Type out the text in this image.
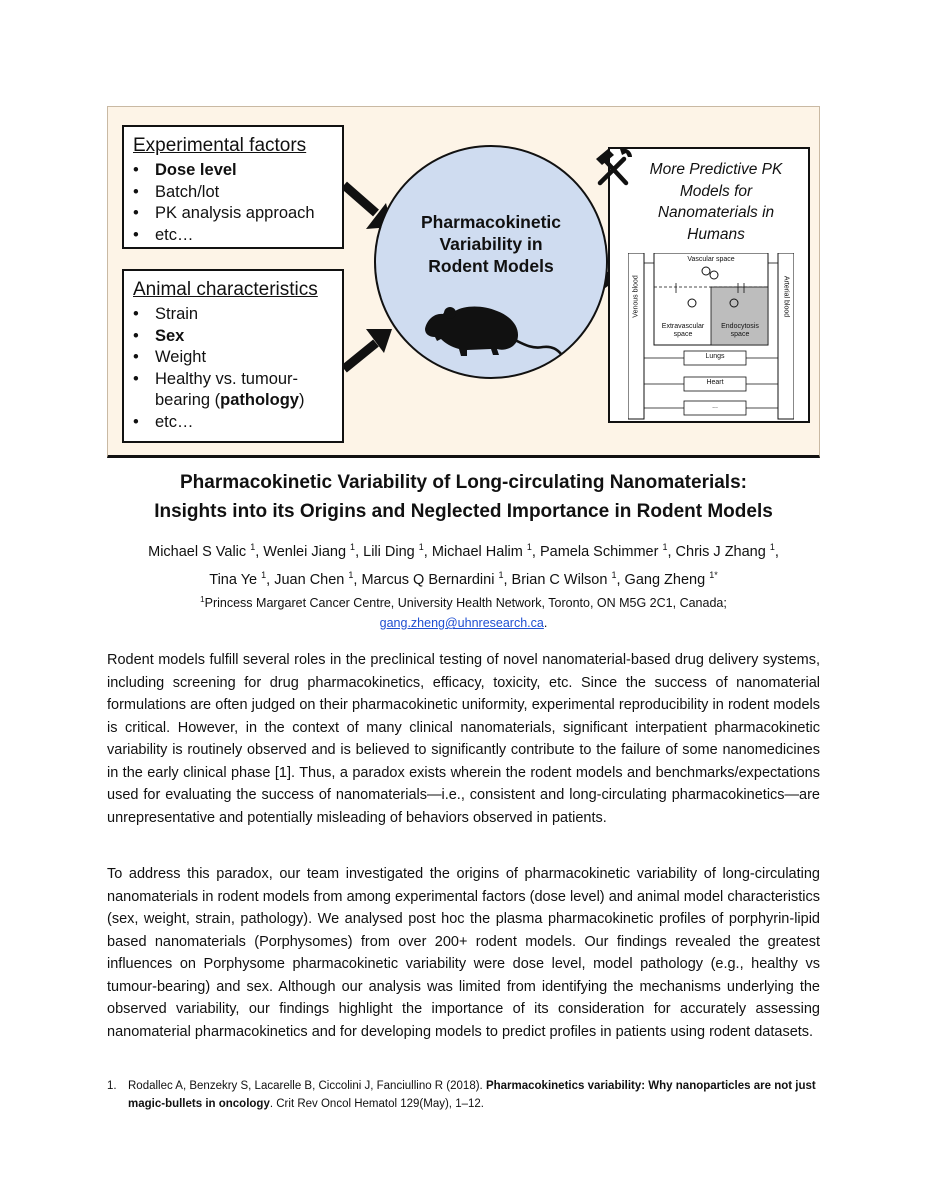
Experimental factors
• Dose level
• Batch/lot
• PK analysis approach
• etc…
Animal characteristics
• Strain
• Sex
• Weight
• Healthy vs. tumour-
bearing (pathology)
• etc…
Pharmacokinetic
Variability in
Rodent Models
More Predictive PK
Models for
Nanomaterials in
Humans
Vascular space
Extravascular
space
Endocytosis
space
Venous blood	Arterial blood
Lungs
Heart
...
Pharmacokinetic Variability of Long-circulating Nanomaterials:
Insights into its Origins and Neglected Importance in Rodent Models
Michael S Valic $^1$, Wenlei Jiang $^1$, Lili Ding $^1$, Michael Halim $^1$, Pamela Schimmer $^1$, Chris J Zhang $^1$,
Tina Ye $^1$, Juan Chen $^1$, Marcus Q Bernardini $^1$, Brian C Wilson $^1$, Gang Zheng $^{1*}$
$^1$Princess Margaret Cancer Centre, University Health Network, Toronto, ON M5G 2C1, Canada;
gang.zheng@uhnresearch.ca.

Rodent models fulfill several roles in the preclinical testing of novel nanomaterial-based drug delivery systems, including screening for drug pharmacokinetics, efficacy, toxicity, etc. Since the success of nanomaterial formulations are often judged on their pharmacokinetic uniformity, experimental reproducibility in rodent models is critical. However, in the context of many clinical nanomaterials, significant interpatient pharmacokinetic variability is routinely observed and is believed to significantly contribute to the failure of some nanomedicines in the early clinical phase [1]. Thus, a paradox exists wherein the rodent models and benchmarks/expectations used for evaluating the success of nanomaterials—i.e., consistent and long-circulating pharmacokinetics—are unrepresentative and potentially misleading of behaviors observed in patients.

To address this paradox, our team investigated the origins of pharmacokinetic variability of long-circulating nanomaterials in rodent models from among experimental factors (dose level) and animal model characteristics (sex, weight, strain, pathology). We analysed post hoc the plasma pharmacokinetic profiles of porphyrin-lipid based nanomaterials (Porphysomes) from over 200+ rodent models. Our findings revealed the greatest influences on Porphysome pharmacokinetic variability were dose level, model pathology (e.g., healthy vs tumour-bearing) and sex. Although our analysis was limited from identifying the mechanisms underlying the observed variability, our findings highlight the importance of its consideration for accurately assessing nanomaterial pharmacokinetics and for developing models to predict profiles in patients using rodent datasets.

1. Rodallec A, Benzekry S, Lacarelle B, Ciccolini J, Fanciullino R (2018). Pharmacokinetics variability: Why nanoparticles are not just magic-bullets in oncology. Crit Rev Oncol Hematol 129(May), 1–12.
